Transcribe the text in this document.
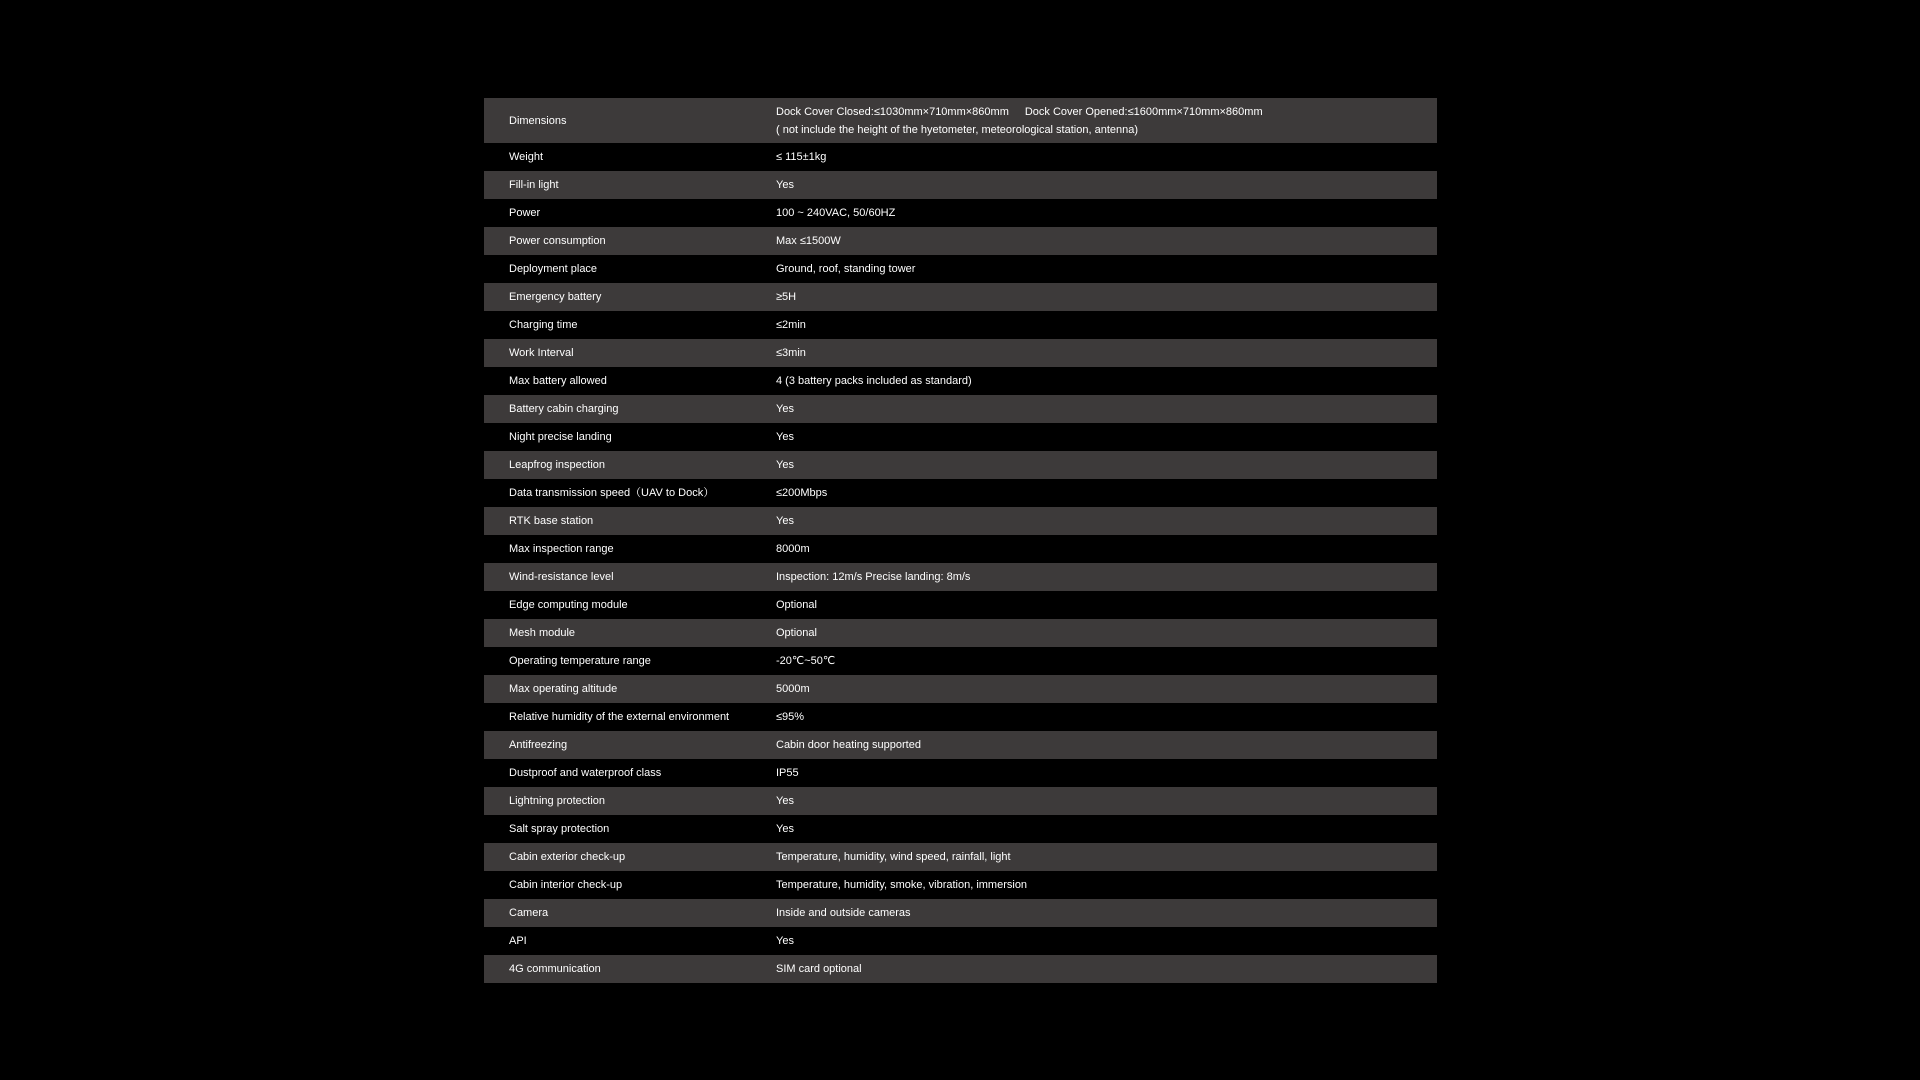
Dimensions	Dock Cover Closed:≤1030mm×710mm×860mm Dock Cover Opened:≤1600mm×710mm×860mm
( not include the height of the hyetometer, meteorological station, antenna)
Weight	≤ 115±1kg
Fill-in light	Yes
Power	100 ~ 240VAC, 50/60HZ
Power consumption	Max ≤1500W
Deployment place	Ground, roof, standing tower
Emergency battery	≥5H
Charging time	≤2min
Work Interval	≤3min
Max battery allowed	4 (3 battery packs included as standard)
Battery cabin charging	Yes
Night precise landing	Yes
Leapfrog inspection	Yes
Data transmission speed（UAV to Dock）	≤200Mbps
RTK base station	Yes
Max inspection range	8000m
Wind-resistance level	Inspection: 12m/s Precise landing: 8m/s
Edge computing module	Optional
Mesh module	Optional
Operating temperature range	-20℃~50℃
Max operating altitude	5000m
Relative humidity of the external environment	≤95%
Antifreezing	Cabin door heating supported
Dustproof and waterproof class	IP55
Lightning protection	Yes
Salt spray protection	Yes
Cabin exterior check-up	Temperature, humidity, wind speed, rainfall, light
Cabin interior check-up	Temperature, humidity, smoke, vibration, immersion
Camera	Inside and outside cameras
API	Yes
4G communication	SIM card optional
